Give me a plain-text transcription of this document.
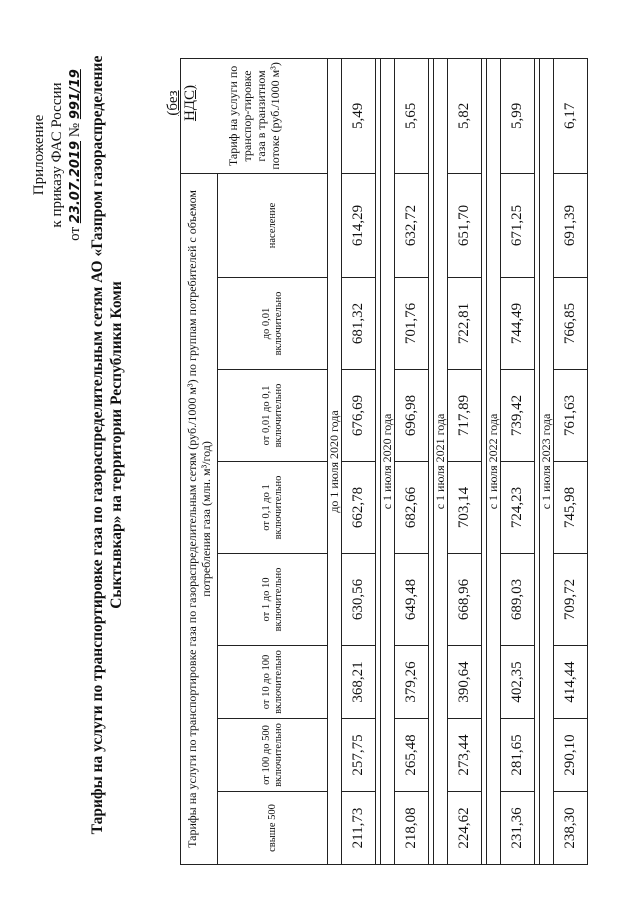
Приложение к приказу ФАС России
от 23.07.2019 № 991/19 Тарифы на услуги по транспортировке газа по газораспределительным сетям АО «Газпром газораспределение Сыктывкар» на территории Республики Коми
(без НДС)
Тарифы на услуги по транспортировке газа по газораспределительным сетям (руб./1000 м³) по группам потребителей с объемом потребления газа (млн. м³/год)								Тариф на услуги по транспор-тировке газа в транзитном потоке (руб./1000 м³)
свыше 500	от 100 до 500 включительно	от 10 до 100 включительно	от 1 до 10 включительно	от 0,1 до 1 включительно	от 0,01 до 0,1 включительно	до 0,01 включительно	население	
до 1 июля 2020 года								
211,73	257,75	368,21	630,56	662,78	676,69	681,32	614,29	5,49

с 1 июля 2020 года								
218,08	265,48	379,26	649,48	682,66	696,98	701,76	632,72	5,65

с 1 июля 2021 года								
224,62	273,44	390,64	668,96	703,14	717,89	722,81	651,70	5,82

с 1 июля 2022 года								
231,36	281,65	402,35	689,03	724,23	739,42	744,49	671,25	5,99

с 1 июля 2023 года								
238,30	290,10	414,44	709,72	745,98	761,63	766,85	691,39	6,17
